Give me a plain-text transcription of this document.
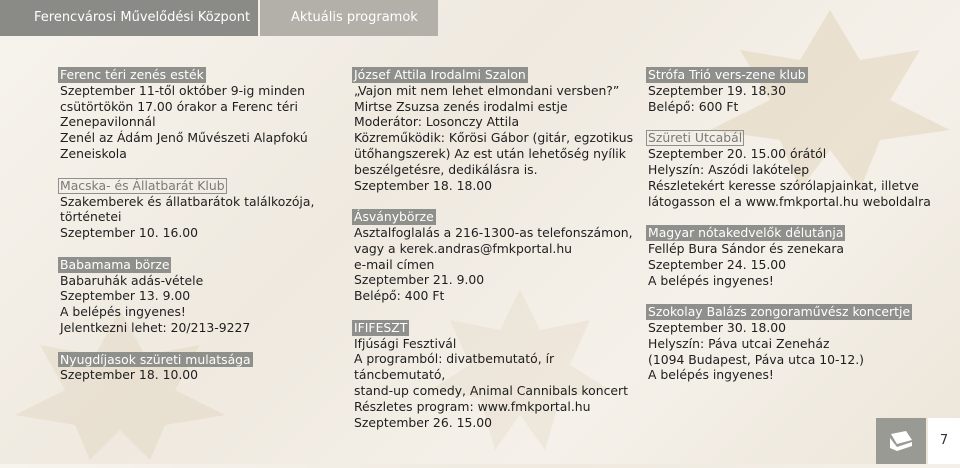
Ferencvárosi Művelődési Központ	Aktuális programok
Ferenc téri zenés esték
Szeptember 11-től október 9-ig minden
csütörtökön 17.00 órakor a Ferenc téri
Zenepavilonnál
Zenél az Ádám Jenő Művészeti Alapfokú
Zeneiskola
Macska- és Állatbarát Klub
Szakemberek és állatbarátok találkozója,
történetei
Szeptember 10. 16.00
Babamama börze
Babaruhák adás-vétele
Szeptember 13. 9.00
A belépés ingyenes!
Jelentkezni lehet: 20/213-9227
Nyugdíjasok szüreti mulatsága
Szeptember 18. 10.00
József Attila Irodalmi Szalon
„Vajon mit nem lehet elmondani versben?”
Mirtse Zsuzsa zenés irodalmi estje
Moderátor: Losonczy Attila
Közreműködik: Kőrösi Gábor (gitár, egzotikus
ütőhangszerek) Az est után lehetőség nyílik
beszélgetésre, dedikálásra is.
Szeptember 18. 18.00
Ásványbörze
Asztalfoglalás a 216-1300-as telefonszámon,
vagy a kerek.andras@fmkportal.hu
e-mail címen
Szeptember 21. 9.00
Belépő: 400 Ft
IFIFESZT
Ifjúsági Fesztivál
A programból: divatbemutató, ír táncbemutató,
stand-up comedy, Animal Cannibals koncert
Részletes program: www.fmkportal.hu
Szeptember 26. 15.00
Strófa Trió vers-zene klub
Szeptember 19. 18.30
Belépő: 600 Ft
Szüreti Utcabál
Szeptember 20. 15.00 órától
Helyszín: Aszódi lakótelep
Részletekért keresse szórólapjainkat, illetve
látogasson el a www.fmkportal.hu weboldalra
Magyar nótakedvelők délutánja
Fellép Bura Sándor és zenekara
Szeptember 24. 15.00
A belépés ingyenes!
Szokolay Balázs zongoraművész koncertje
Szeptember 30. 18.00
Helyszín: Páva utcai Zeneház
(1094 Budapest, Páva utca 10-12.)
A belépés ingyenes!
7
